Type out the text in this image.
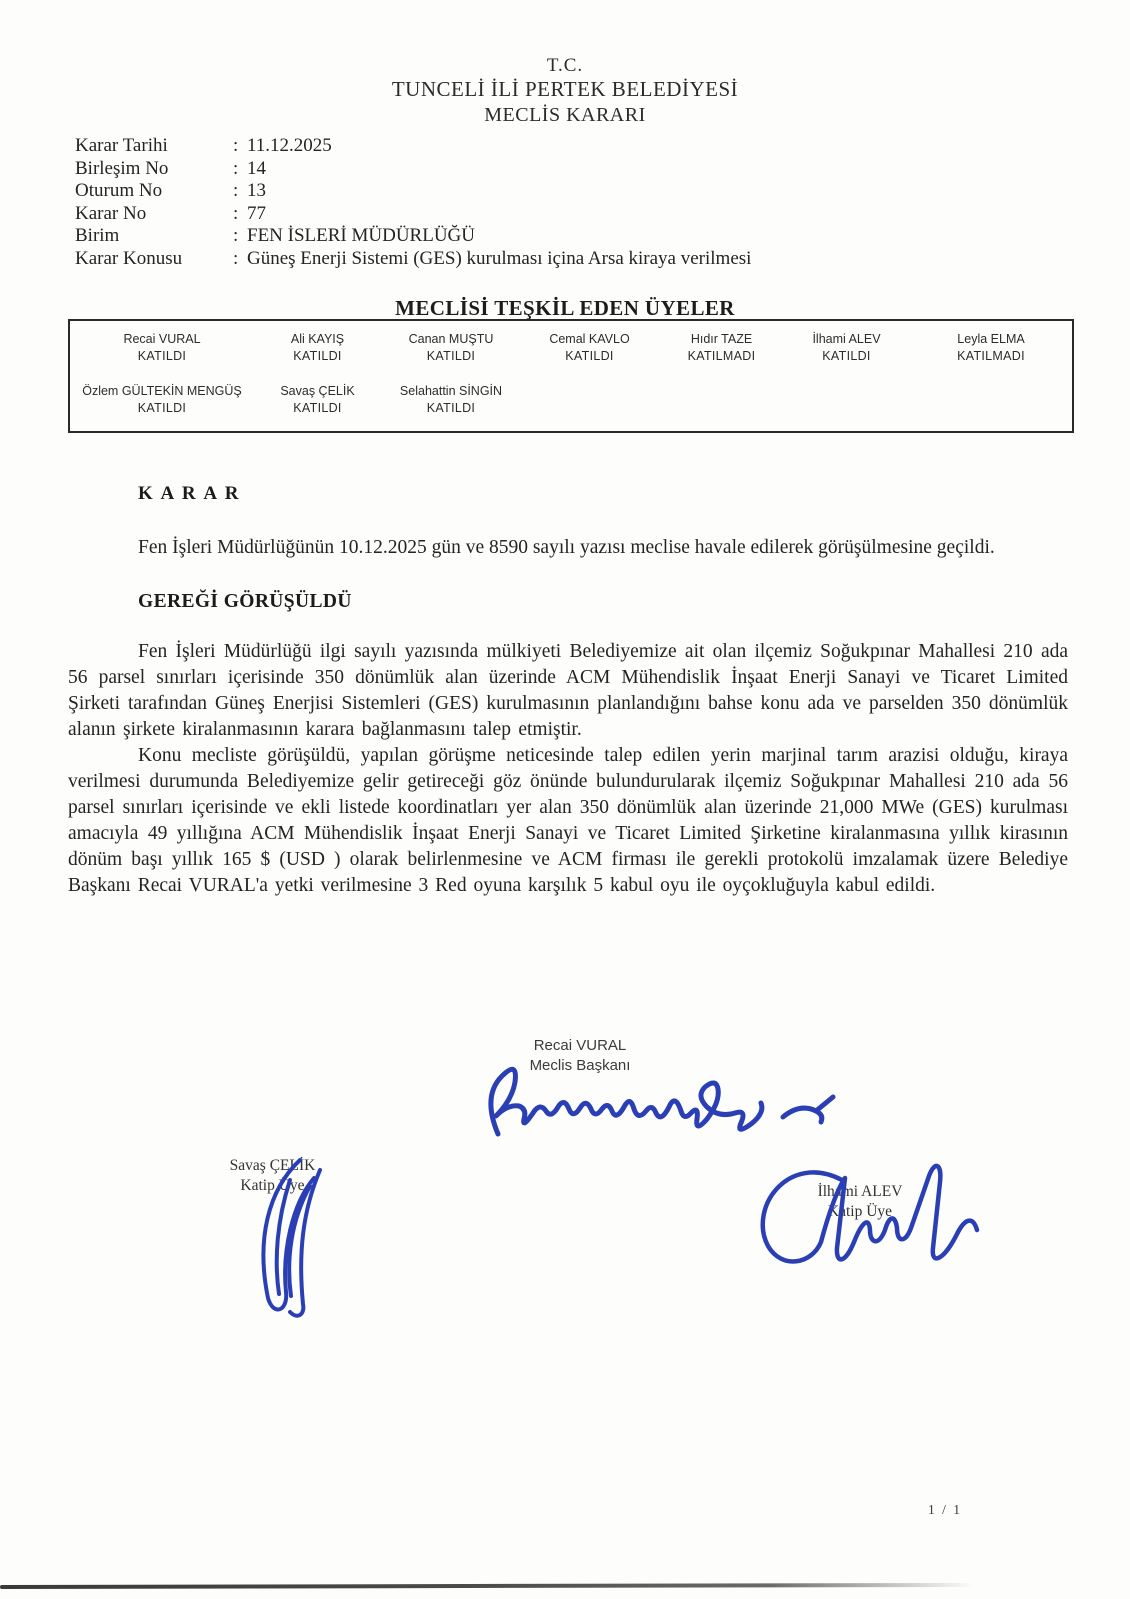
T.C.
TUNCELİ İLİ PERTEK BELEDİYESİ
MECLİS KARARI
Karar Tarihi	: 11.12.2025
Birleşim No	: 14
Oturum No	: 13
Karar No	: 77
Birim	: FEN İSLERİ MÜDÜRLÜĞÜ
Karar Konusu	: Güneş Enerji Sistemi (GES) kurulması içina Arsa kiraya verilmesi
MECLİSİ TEŞKİL EDEN ÜYELER
Recai VURAL
KATILDI
Ali KAYIŞ
KATILDI
Canan MUŞTU
KATILDI
Cemal KAVLO
KATILDI
Hıdır TAZE
KATILMADI
İlhami ALEV
KATILDI
Leyla ELMA
KATILMADI
Özlem GÜLTEKİN MENGÜŞ
KATILDI
Savaş ÇELİK
KATILDI
Selahattin SİNGİN
KATILDI
K A R A R

Fen İşleri Müdürlüğünün 10.12.2025 gün ve 8590 sayılı yazısı meclise havale edilerek görüşülmesine geçildi.

GEREĞİ GÖRÜŞÜLDÜ

Fen İşleri Müdürlüğü ilgi sayılı yazısında mülkiyeti Belediyemize ait olan ilçemiz Soğukpınar Mahallesi 210 ada 56 parsel sınırları içerisinde 350 dönümlük alan üzerinde ACM Mühendislik İnşaat Enerji Sanayi ve Ticaret Limited Şirketi tarafından Güneş Enerjisi Sistemleri (GES) kurulmasının planlandığını bahse konu ada ve parselden 350 dönümlük alanın şirkete kiralanmasının karara bağlanmasını talep etmiştir.

Konu mecliste görüşüldü, yapılan görüşme neticesinde talep edilen yerin marjinal tarım arazisi olduğu, kiraya verilmesi durumunda Belediyemize gelir getireceği göz önünde bulundurularak ilçemiz Soğukpınar Mahallesi 210 ada 56 parsel sınırları içerisinde ve ekli listede koordinatları yer alan 350 dönümlük alan üzerinde 21,000 MWe (GES) kurulması amacıyla 49 yıllığına ACM Mühendislik İnşaat Enerji Sanayi ve Ticaret Limited Şirketine kiralanmasına yıllık kirasının dönüm başı yıllık 165 $ (USD ) olarak belirlenmesine ve ACM firması ile gerekli protokolü imzalamak üzere Belediye Başkanı Recai VURAL'a yetki verilmesine 3 Red oyuna karşılık 5 kabul oyu ile oyçokluğuyla kabul edildi.

Recai VURAL
Meclis Başkanı
Savaş ÇELİK
Katip Üye	İlhami ALEV
Katip Üye
1 / 1
